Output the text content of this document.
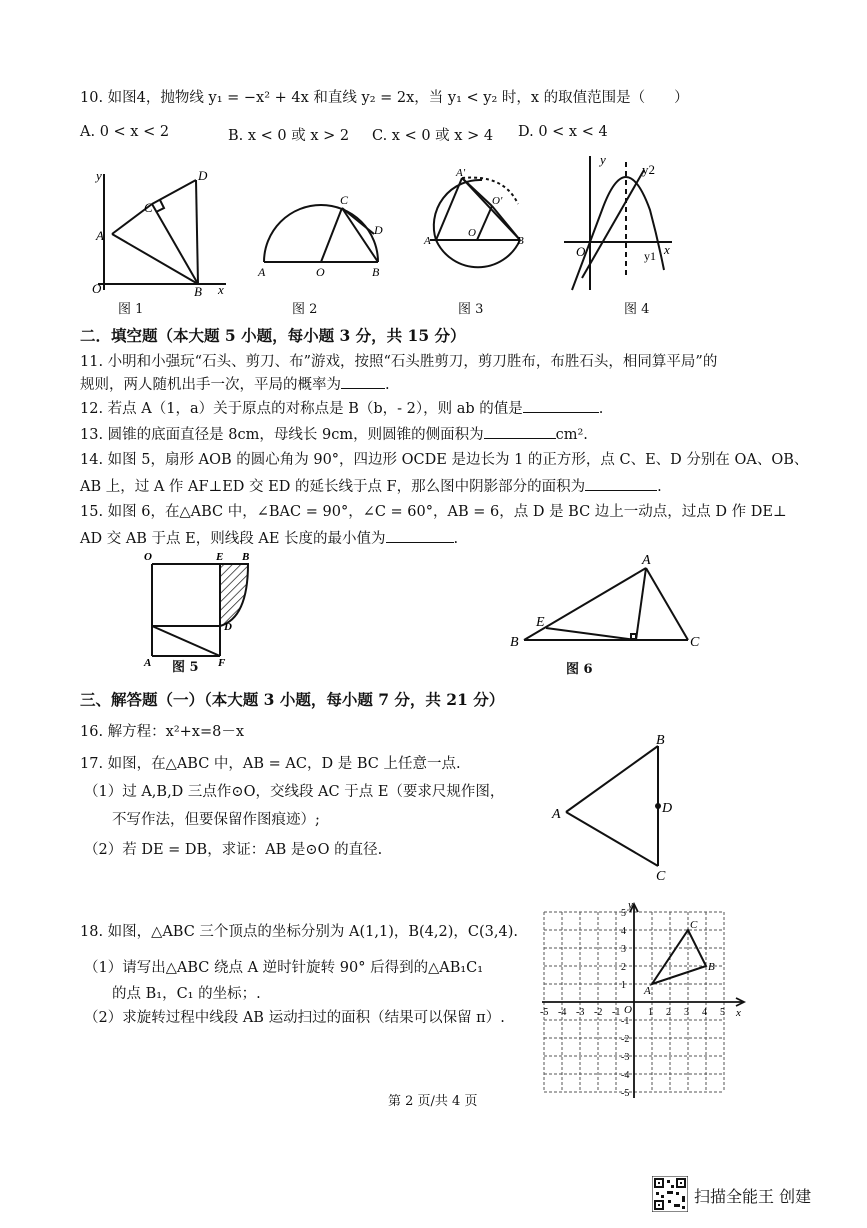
10. 如图4，抛物线 y₁ = −x² + 4x 和直线 y₂ = 2x，当 y₁ < y₂ 时，x 的取值范围是（　　）
A. 0 < x < 2	B. x < 0 或 x > 2 C. x < 0 或 x > 4 D. 0 < x < 4
y	D
C
A
O	B x
图 1
C
D
A	O	B
图 2
A'
O'
A
O
B
图 3
y
y2
O	y1 x
图 4
二．填空题（本大题 5 小题，每小题 3 分，共 15 分）
11. 小明和小强玩“石头、剪刀、布”游戏，按照“石头胜剪刀，剪刀胜布，布胜石头，相同算平局”的
规则，两人随机出手一次，平局的概率为	.
12. 若点 A（1，a）关于原点的对称点是 B（b，- 2），则 ab 的值是	.
13. 圆锥的底面直径是 8cm，母线长 9cm，则圆锥的侧面积为	cm².
14. 如图 5，扇形 AOB 的圆心角为 90°，四边形 OCDE 是边长为 1 的正方形，点 C、E、D 分别在 OA、OB、
AB 上，过 A 作 AF⊥ED 交 ED 的延长线于点 F，那么图中阴影部分的面积为	.
15. 如图 6，在△ABC 中，∠BAC = 90°，∠C = 60°，AB = 6，点 D 是 BC 边上一动点，过点 D 作 DE⊥
AD 交 AB 于点 E，则线段 AE 长度的最小值为	.
O	E B
D
A	F
图 5
A
E
B	C
图 6
三、解答题（一）（本大题 3 小题，每小题 7 分，共 21 分）
16. 解方程：x²+x=8－x
17. 如图，在△ABC 中，AB = AC，D 是 BC 上任意一点.
（1）过 A,B,D 三点作⊙O，交线段 AC 于点 E（要求尺规作图，
不写作法，但要保留作图痕迹）;
（2）若 DE = DB，求证：AB 是⊙O 的直径.
B
A	D
C
18. 如图，△ABC 三个顶点的坐标分别为 A(1,1)，B(4,2)，C(3,4).
（1）请写出△ABC 绕点 A 逆时针旋转 90° 后得到的△AB₁C₁
的点 B₁，C₁ 的坐标；.
（2）求旋转过程中线段 AB 运动扫过的面积（结果可以保留 π）.	-5 -4 -3 -2 -1	1 2 3 4 5
5
4
3
2
1
-1
-2
-3
-4
-5
y
x
O
C
B
A
第 2 页/共 4 页
扫描全能王 创建
